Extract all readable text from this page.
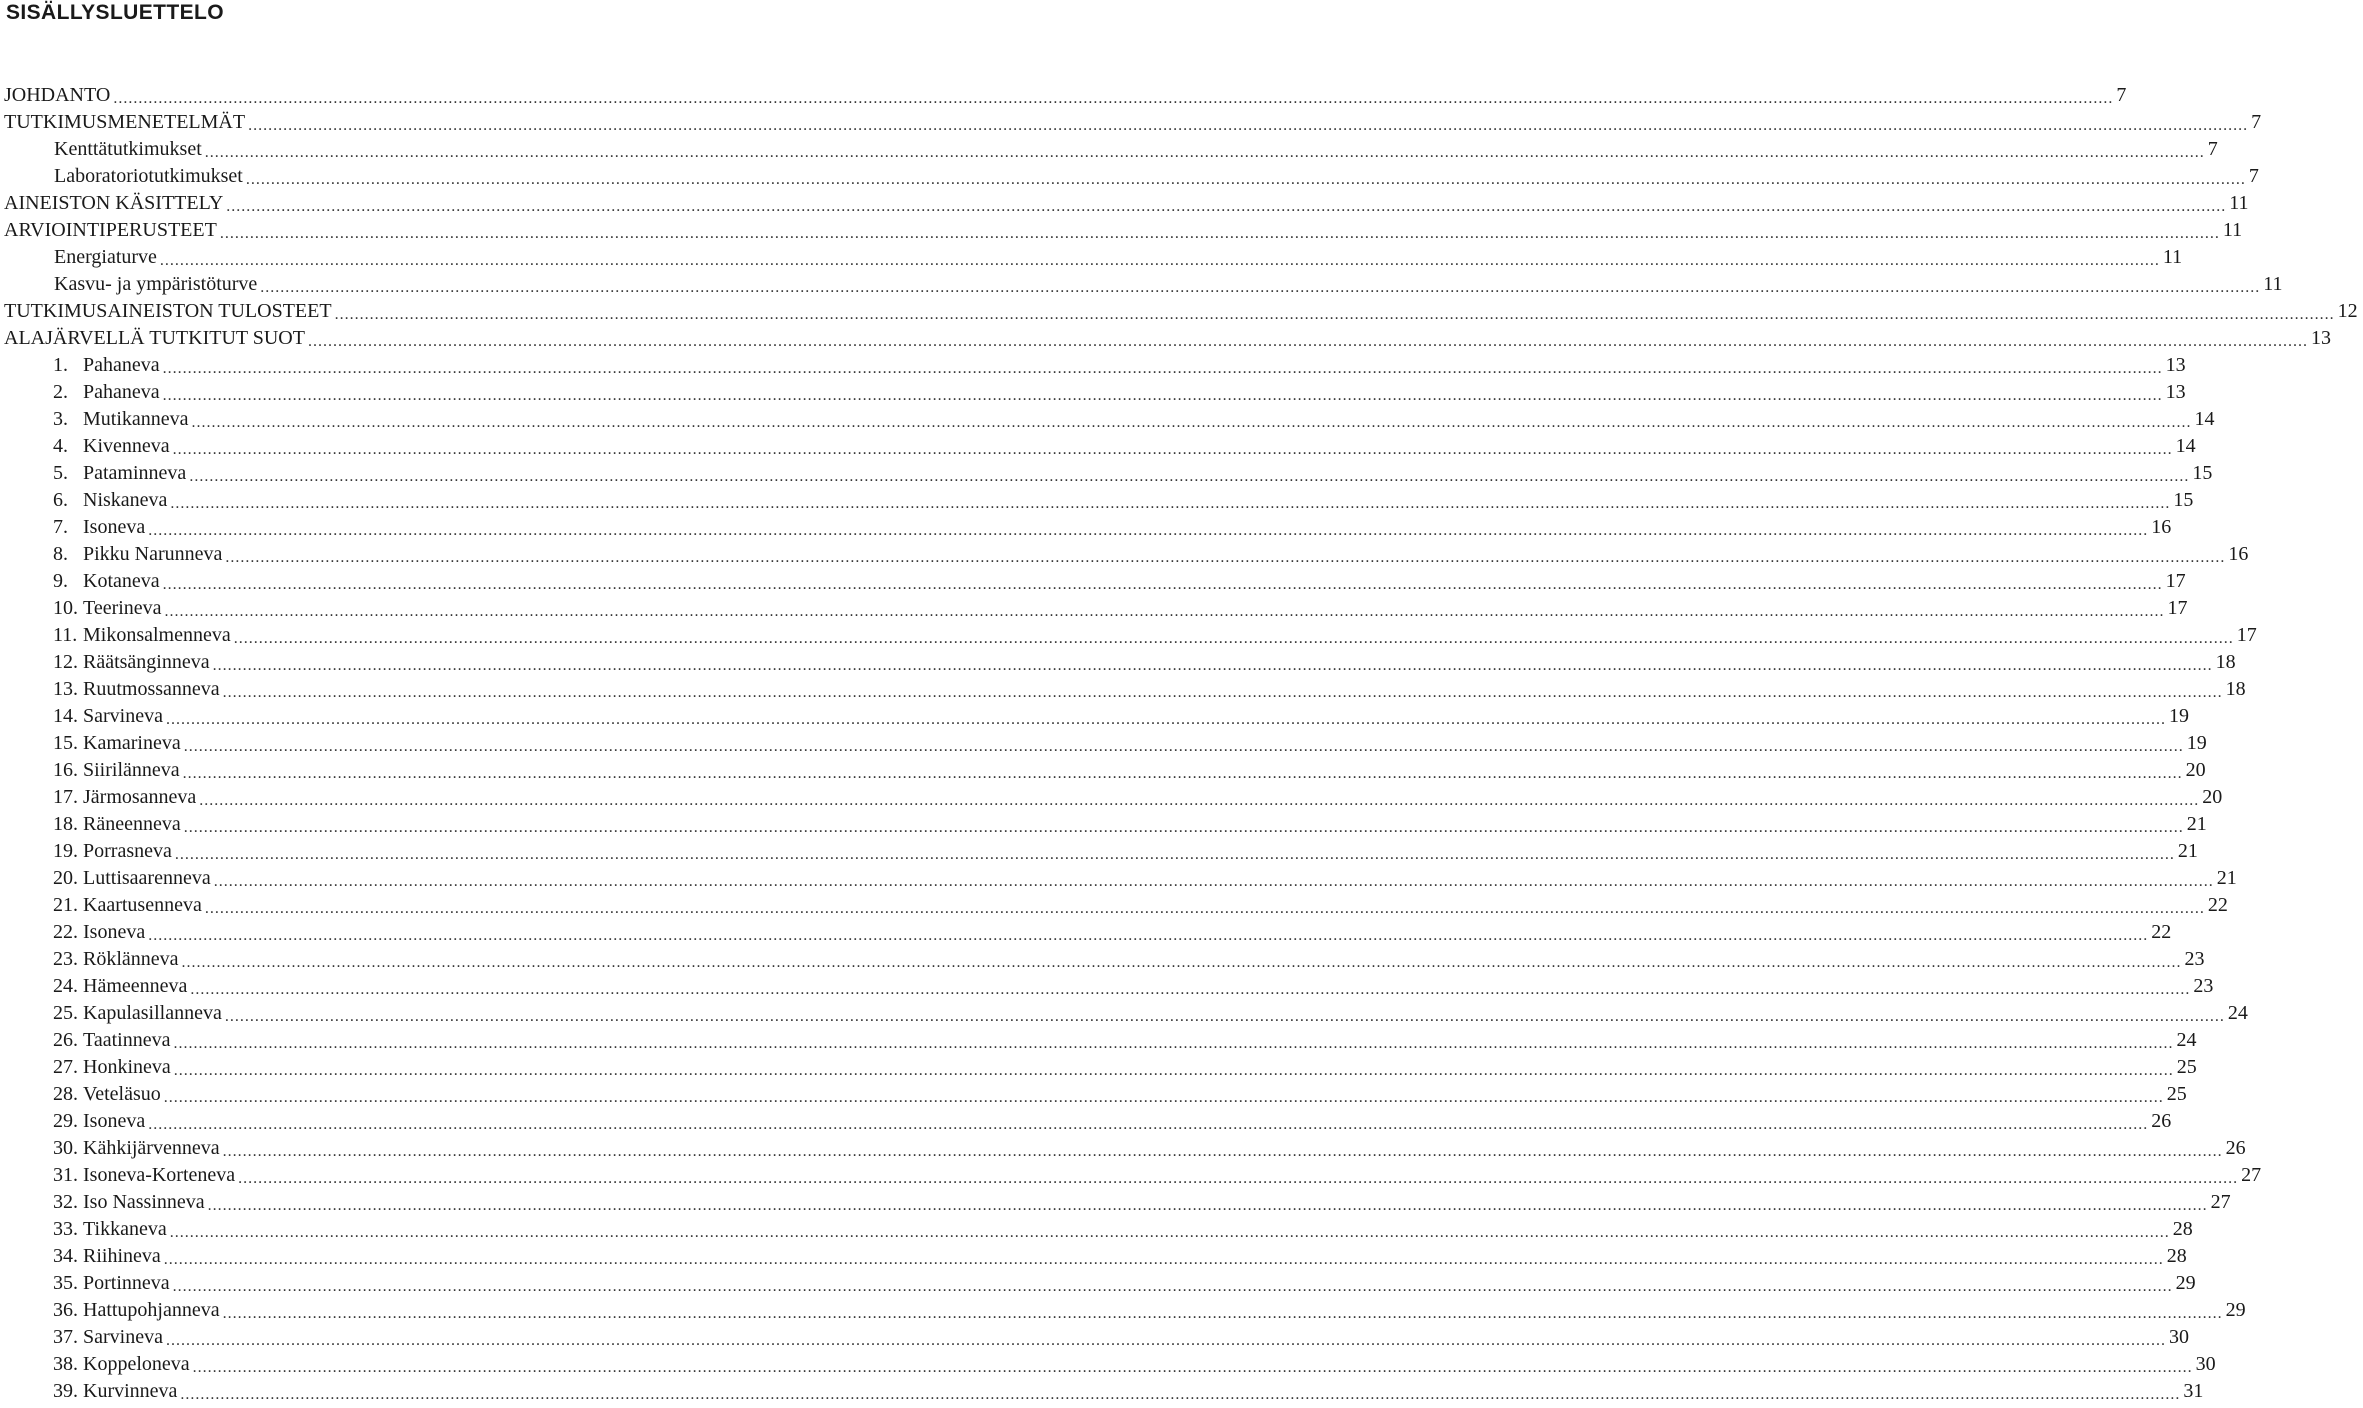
SISÄLLYSLUETTELO
JOHDANTO ................................................................................................................................................................................................................................................................................................................................................................................................................ 7
TUTKIMUSMENETELMÄT ................................................................................................................................................................................................................................................................................................................................................................................................................ 7
Kenttätutkimukset ................................................................................................................................................................................................................................................................................................................................................................................................................ 7
Laboratoriotutkimukset ................................................................................................................................................................................................................................................................................................................................................................................................................ 7
AINEISTON KÄSITTELY ................................................................................................................................................................................................................................................................................................................................................................................................................ 11
ARVIOINTIPERUSTEET ................................................................................................................................................................................................................................................................................................................................................................................................................ 11
Energiaturve ................................................................................................................................................................................................................................................................................................................................................................................................................ 11
Kasvu- ja ympäristöturve ................................................................................................................................................................................................................................................................................................................................................................................................................ 11
TUTKIMUSAINEISTON TULOSTEET ................................................................................................................................................................................................................................................................................................................................................................................................................ 12
ALAJÄRVELLÄ TUTKITUT SUOT ................................................................................................................................................................................................................................................................................................................................................................................................................ 13
1. Pahaneva ................................................................................................................................................................................................................................................................................................................................................................................................................ 13
2. Pahaneva ................................................................................................................................................................................................................................................................................................................................................................................................................ 13
3. Mutikanneva ................................................................................................................................................................................................................................................................................................................................................................................................................ 14
4. Kivenneva ................................................................................................................................................................................................................................................................................................................................................................................................................ 14
5. Pataminneva ................................................................................................................................................................................................................................................................................................................................................................................................................ 15
6. Niskaneva ................................................................................................................................................................................................................................................................................................................................................................................................................ 15
7. Isoneva ................................................................................................................................................................................................................................................................................................................................................................................................................ 16
8. Pikku Narunneva ................................................................................................................................................................................................................................................................................................................................................................................................................ 16
9. Kotaneva ................................................................................................................................................................................................................................................................................................................................................................................................................ 17
10. Teerineva ................................................................................................................................................................................................................................................................................................................................................................................................................ 17
11. Mikonsalmenneva ................................................................................................................................................................................................................................................................................................................................................................................................................ 17
12. Räätsänginneva ................................................................................................................................................................................................................................................................................................................................................................................................................ 18
13. Ruutmossanneva ................................................................................................................................................................................................................................................................................................................................................................................................................ 18
14. Sarvineva ................................................................................................................................................................................................................................................................................................................................................................................................................ 19
15. Kamarineva ................................................................................................................................................................................................................................................................................................................................................................................................................ 19
16. Siirilänneva ................................................................................................................................................................................................................................................................................................................................................................................................................ 20
17. Järmosanneva ................................................................................................................................................................................................................................................................................................................................................................................................................ 20
18. Räneenneva ................................................................................................................................................................................................................................................................................................................................................................................................................ 21
19. Porrasneva ................................................................................................................................................................................................................................................................................................................................................................................................................ 21
20. Luttisaarenneva ................................................................................................................................................................................................................................................................................................................................................................................................................ 21
21. Kaartusenneva ................................................................................................................................................................................................................................................................................................................................................................................................................ 22
22. Isoneva ................................................................................................................................................................................................................................................................................................................................................................................................................ 22
23. Röklänneva ................................................................................................................................................................................................................................................................................................................................................................................................................ 23
24. Hämeenneva ................................................................................................................................................................................................................................................................................................................................................................................................................ 23
25. Kapulasillanneva ................................................................................................................................................................................................................................................................................................................................................................................................................ 24
26. Taatinneva ................................................................................................................................................................................................................................................................................................................................................................................................................ 24
27. Honkineva ................................................................................................................................................................................................................................................................................................................................................................................................................ 25
28. Veteläsuo ................................................................................................................................................................................................................................................................................................................................................................................................................ 25
29. Isoneva ................................................................................................................................................................................................................................................................................................................................................................................................................ 26
30. Kähkijärvenneva ................................................................................................................................................................................................................................................................................................................................................................................................................ 26
31. Isoneva-Korteneva ................................................................................................................................................................................................................................................................................................................................................................................................................ 27
32. Iso Nassinneva ................................................................................................................................................................................................................................................................................................................................................................................................................ 27
33. Tikkaneva ................................................................................................................................................................................................................................................................................................................................................................................................................ 28
34. Riihineva ................................................................................................................................................................................................................................................................................................................................................................................................................ 28
35. Portinneva ................................................................................................................................................................................................................................................................................................................................................................................................................ 29
36. Hattupohjanneva ................................................................................................................................................................................................................................................................................................................................................................................................................ 29
37. Sarvineva ................................................................................................................................................................................................................................................................................................................................................................................................................ 30
38. Koppeloneva ................................................................................................................................................................................................................................................................................................................................................................................................................ 30
39. Kurvinneva ................................................................................................................................................................................................................................................................................................................................................................................................................ 31
